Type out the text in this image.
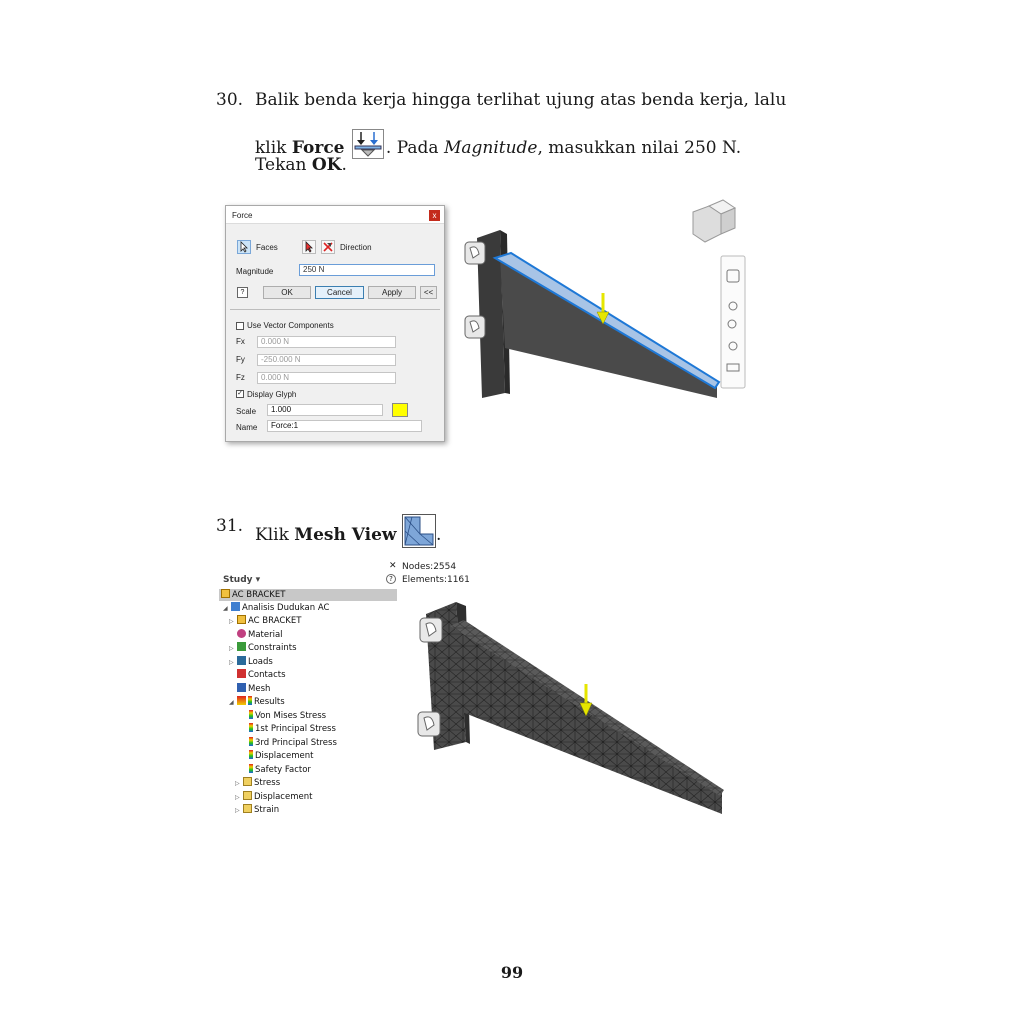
30. Balik benda kerja hingga terlihat ujung atas benda kerja, lalu
klik Force . Pada Magnitude, masukkan nilai 250 N.
Tekan OK.
Force	x
Faces	Direction
Magnitude	250 N
?	OK	Cancel	Apply	<<
Use Vector Components
Fx	0.000 N
Fy	-250.000 N
Fz	0.000 N
✓ Display Glyph
Scale	1.000
Name	Force:1
31. Klik Mesh View .
Study ▾
AC BRACKET
◢ Analisis Dudukan AC
▷ AC BRACKET
Material
▷ Constraints
▷ Loads
Contacts
Mesh
◢ Results
Von Mises Stress
1st Principal Stress
3rd Principal Stress
Displacement
Safety Factor
▷ Stress
▷ Displacement
▷ Strain
✕
?
Nodes:2554
Elements:1161
99
